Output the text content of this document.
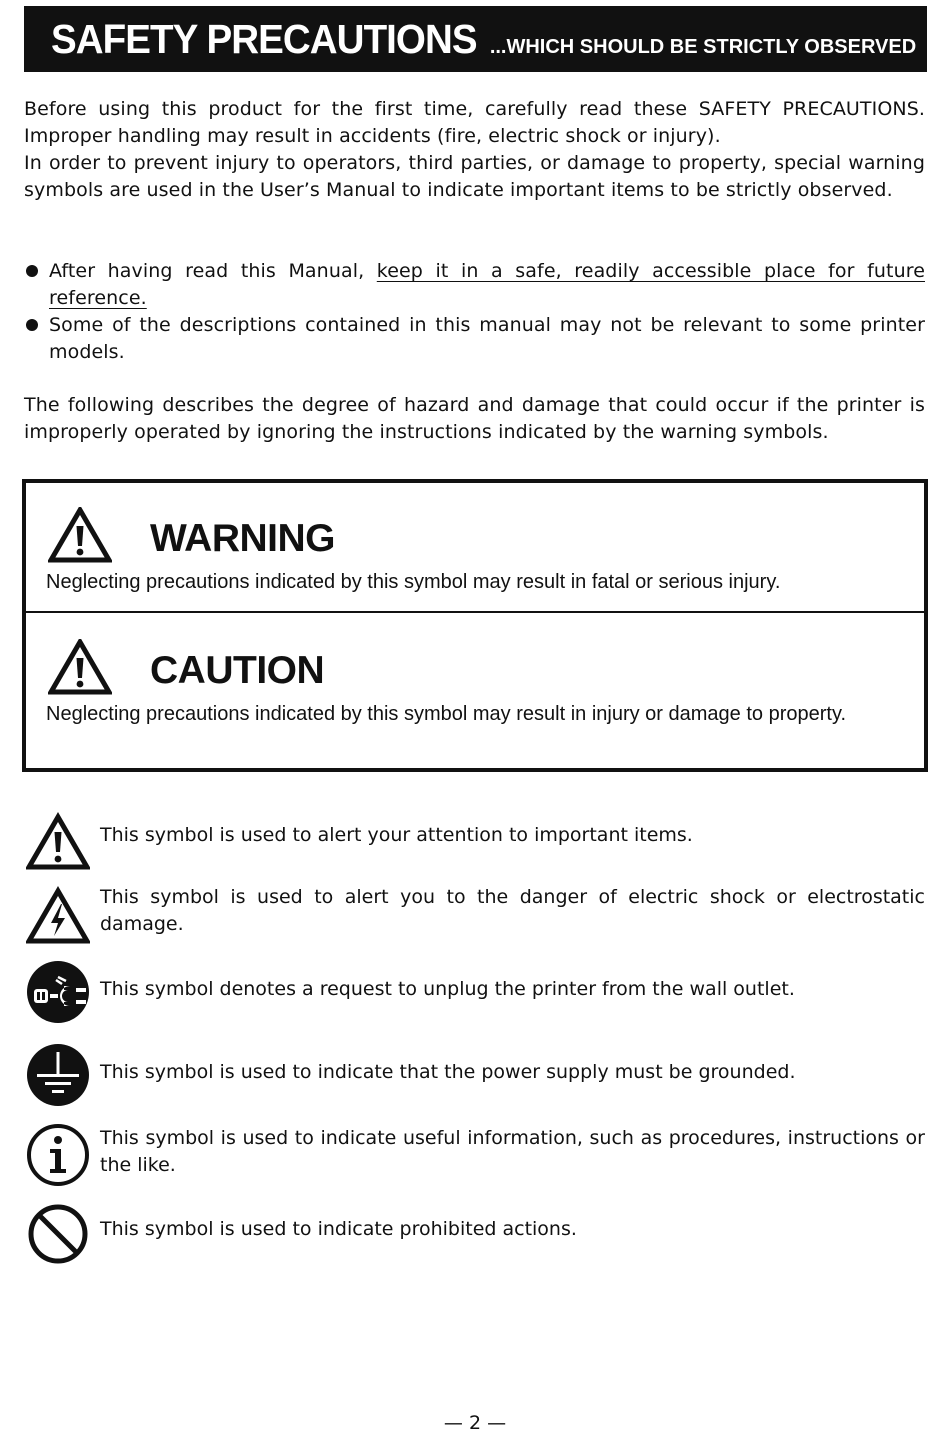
SAFETY PRECAUTIONS ...WHICH SHOULD BE STRICTLY OBSERVED
Before using this product for the first time, carefully read these SAFETY PRECAUTIONS. Improper handling may result in accidents (fire, electric shock or injury).
In order to prevent injury to operators, third parties, or damage to property, special warning symbols are used in the User’s Manual to indicate important items to be strictly observed.
After having read this Manual, keep it in a safe, readily accessible place for future reference.
Some of the descriptions contained in this manual may not be relevant to some printer models.
The following describes the degree of hazard and damage that could occur if the printer is improperly operated by ignoring the instructions indicated by the warning symbols.
WARNING
Neglecting precautions indicated by this symbol may result in fatal or serious injury.
CAUTION
Neglecting precautions indicated by this symbol may result in injury or damage to property.
This symbol is used to alert your attention to important items.
This symbol is used to alert you to the danger of electric shock or electrostatic damage.
This symbol denotes a request to unplug the printer from the wall outlet.
This symbol is used to indicate that the power supply must be grounded.
This symbol is used to indicate useful information, such as procedures, instructions or the like.
This symbol is used to indicate prohibited actions.
— 2 —
